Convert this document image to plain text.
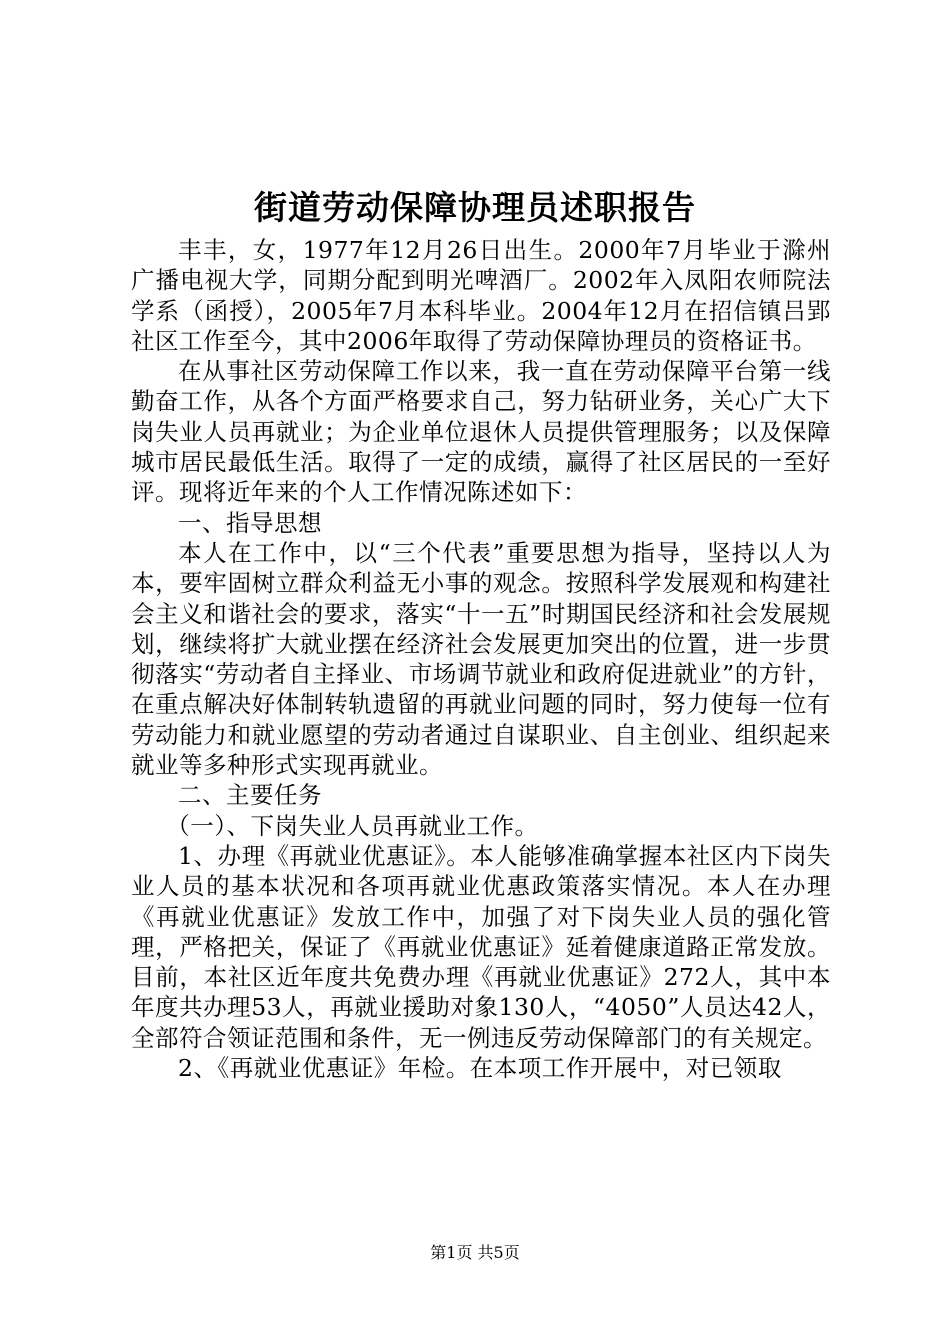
街道劳动保障协理员述职报告

丰丰，女，1977年12月26日出生。2000年7月毕业于滁州广播电视大学，同期分配到明光啤酒厂。2002年入凤阳农师院法学系（函授），2005年7月本科毕业。2004年12月在招信镇吕郢社区工作至今，其中2006年取得了劳动保障协理员的资格证书。

在从事社区劳动保障工作以来，我一直在劳动保障平台第一线勤奋工作，从各个方面严格要求自己，努力钻研业务，关心广大下岗失业人员再就业；为企业单位退休人员提供管理服务；以及保障城市居民最低生活。取得了一定的成绩，赢得了社区居民的一至好评。现将近年来的个人工作情况陈述如下：

一、指导思想

本人在工作中，以“三个代表”重要思想为指导，坚持以人为本，要牢固树立群众利益无小事的观念。按照科学发展观和构建社会主义和谐社会的要求，落实“十一五”时期国民经济和社会发展规划，继续将扩大就业摆在经济社会发展更加突出的位置，进一步贯彻落实“劳动者自主择业、市场调节就业和政府促进就业”的方针，在重点解决好体制转轨遗留的再就业问题的同时，努力使每一位有劳动能力和就业愿望的劳动者通过自谋职业、自主创业、组织起来就业等多种形式实现再就业。

二、主要任务

（一）、下岗失业人员再就业工作。

1、办理《再就业优惠证》。本人能够准确掌握本社区内下岗失业人员的基本状况和各项再就业优惠政策落实情况。本人在办理《再就业优惠证》发放工作中，加强了对下岗失业人员的强化管理，严格把关，保证了《再就业优惠证》延着健康道路正常发放。目前，本社区近年度共免费办理《再就业优惠证》272人，其中本年度共办理53人，再就业援助对象130人，“4050”人员达42人，全部符合领证范围和条件，无一例违反劳动保障部门的有关规定。

2、《再就业优惠证》年检。在本项工作开展中，对已领取

第1页 共5页
